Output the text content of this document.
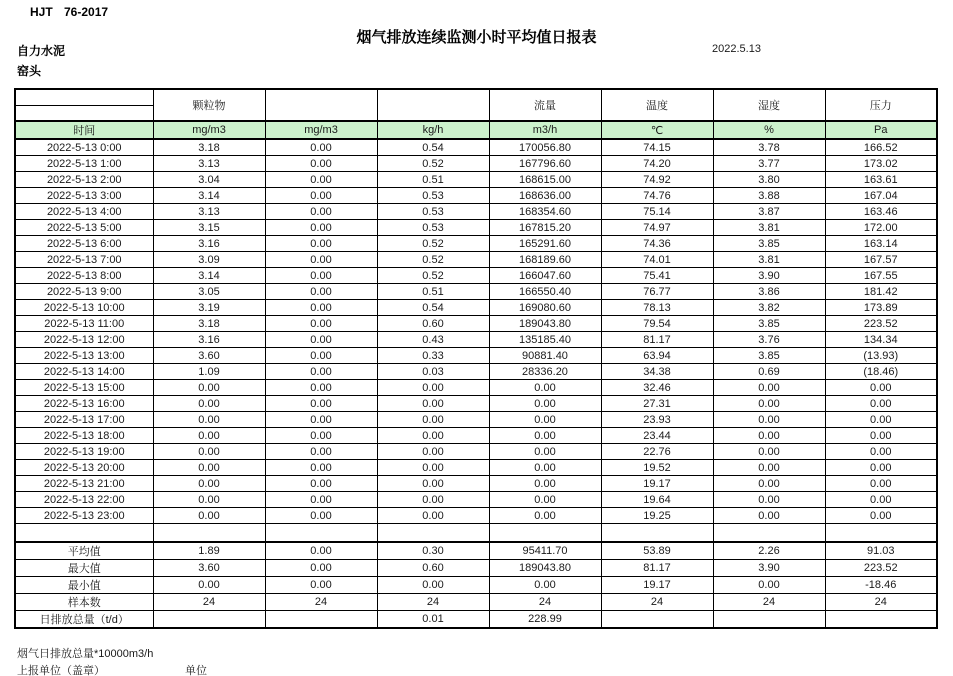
HJT 76-2017
烟气排放连续监测小时平均值日报表
自力水泥
窑头
2022.5.13
	颗粒物			流量	温度	湿度	压力

时间	mg/m3	mg/m3	kg/h	m3/h	℃	%	Pa
2022-5-13 0:00	3.18	0.00	0.54	170056.80	74.15	3.78	166.52
2022-5-13 1:00	3.13	0.00	0.52	167796.60	74.20	3.77	173.02
2022-5-13 2:00	3.04	0.00	0.51	168615.00	74.92	3.80	163.61
2022-5-13 3:00	3.14	0.00	0.53	168636.00	74.76	3.88	167.04
2022-5-13 4:00	3.13	0.00	0.53	168354.60	75.14	3.87	163.46
2022-5-13 5:00	3.15	0.00	0.53	167815.20	74.97	3.81	172.00
2022-5-13 6:00	3.16	0.00	0.52	165291.60	74.36	3.85	163.14
2022-5-13 7:00	3.09	0.00	0.52	168189.60	74.01	3.81	167.57
2022-5-13 8:00	3.14	0.00	0.52	166047.60	75.41	3.90	167.55
2022-5-13 9:00	3.05	0.00	0.51	166550.40	76.77	3.86	181.42
2022-5-13 10:00	3.19	0.00	0.54	169080.60	78.13	3.82	173.89
2022-5-13 11:00	3.18	0.00	0.60	189043.80	79.54	3.85	223.52
2022-5-13 12:00	3.16	0.00	0.43	135185.40	81.17	3.76	134.34
2022-5-13 13:00	3.60	0.00	0.33	90881.40	63.94	3.85	(13.93)
2022-5-13 14:00	1.09	0.00	0.03	28336.20	34.38	0.69	(18.46)
2022-5-13 15:00	0.00	0.00	0.00	0.00	32.46	0.00	0.00
2022-5-13 16:00	0.00	0.00	0.00	0.00	27.31	0.00	0.00
2022-5-13 17:00	0.00	0.00	0.00	0.00	23.93	0.00	0.00
2022-5-13 18:00	0.00	0.00	0.00	0.00	23.44	0.00	0.00
2022-5-13 19:00	0.00	0.00	0.00	0.00	22.76	0.00	0.00
2022-5-13 20:00	0.00	0.00	0.00	0.00	19.52	0.00	0.00
2022-5-13 21:00	0.00	0.00	0.00	0.00	19.17	0.00	0.00
2022-5-13 22:00	0.00	0.00	0.00	0.00	19.64	0.00	0.00
2022-5-13 23:00	0.00	0.00	0.00	0.00	19.25	0.00	0.00

平均值	1.89	0.00	0.30	95411.70	53.89	2.26	91.03
最大值	3.60	0.00	0.60	189043.80	81.17	3.90	223.52
最小值	0.00	0.00	0.00	0.00	19.17	0.00	-18.46
样本数	24	24	24	24	24	24	24
日排放总量（t/d）			0.01	228.99			
烟气日排放总量*10000m3/h
上报单位（盖章）	单位
